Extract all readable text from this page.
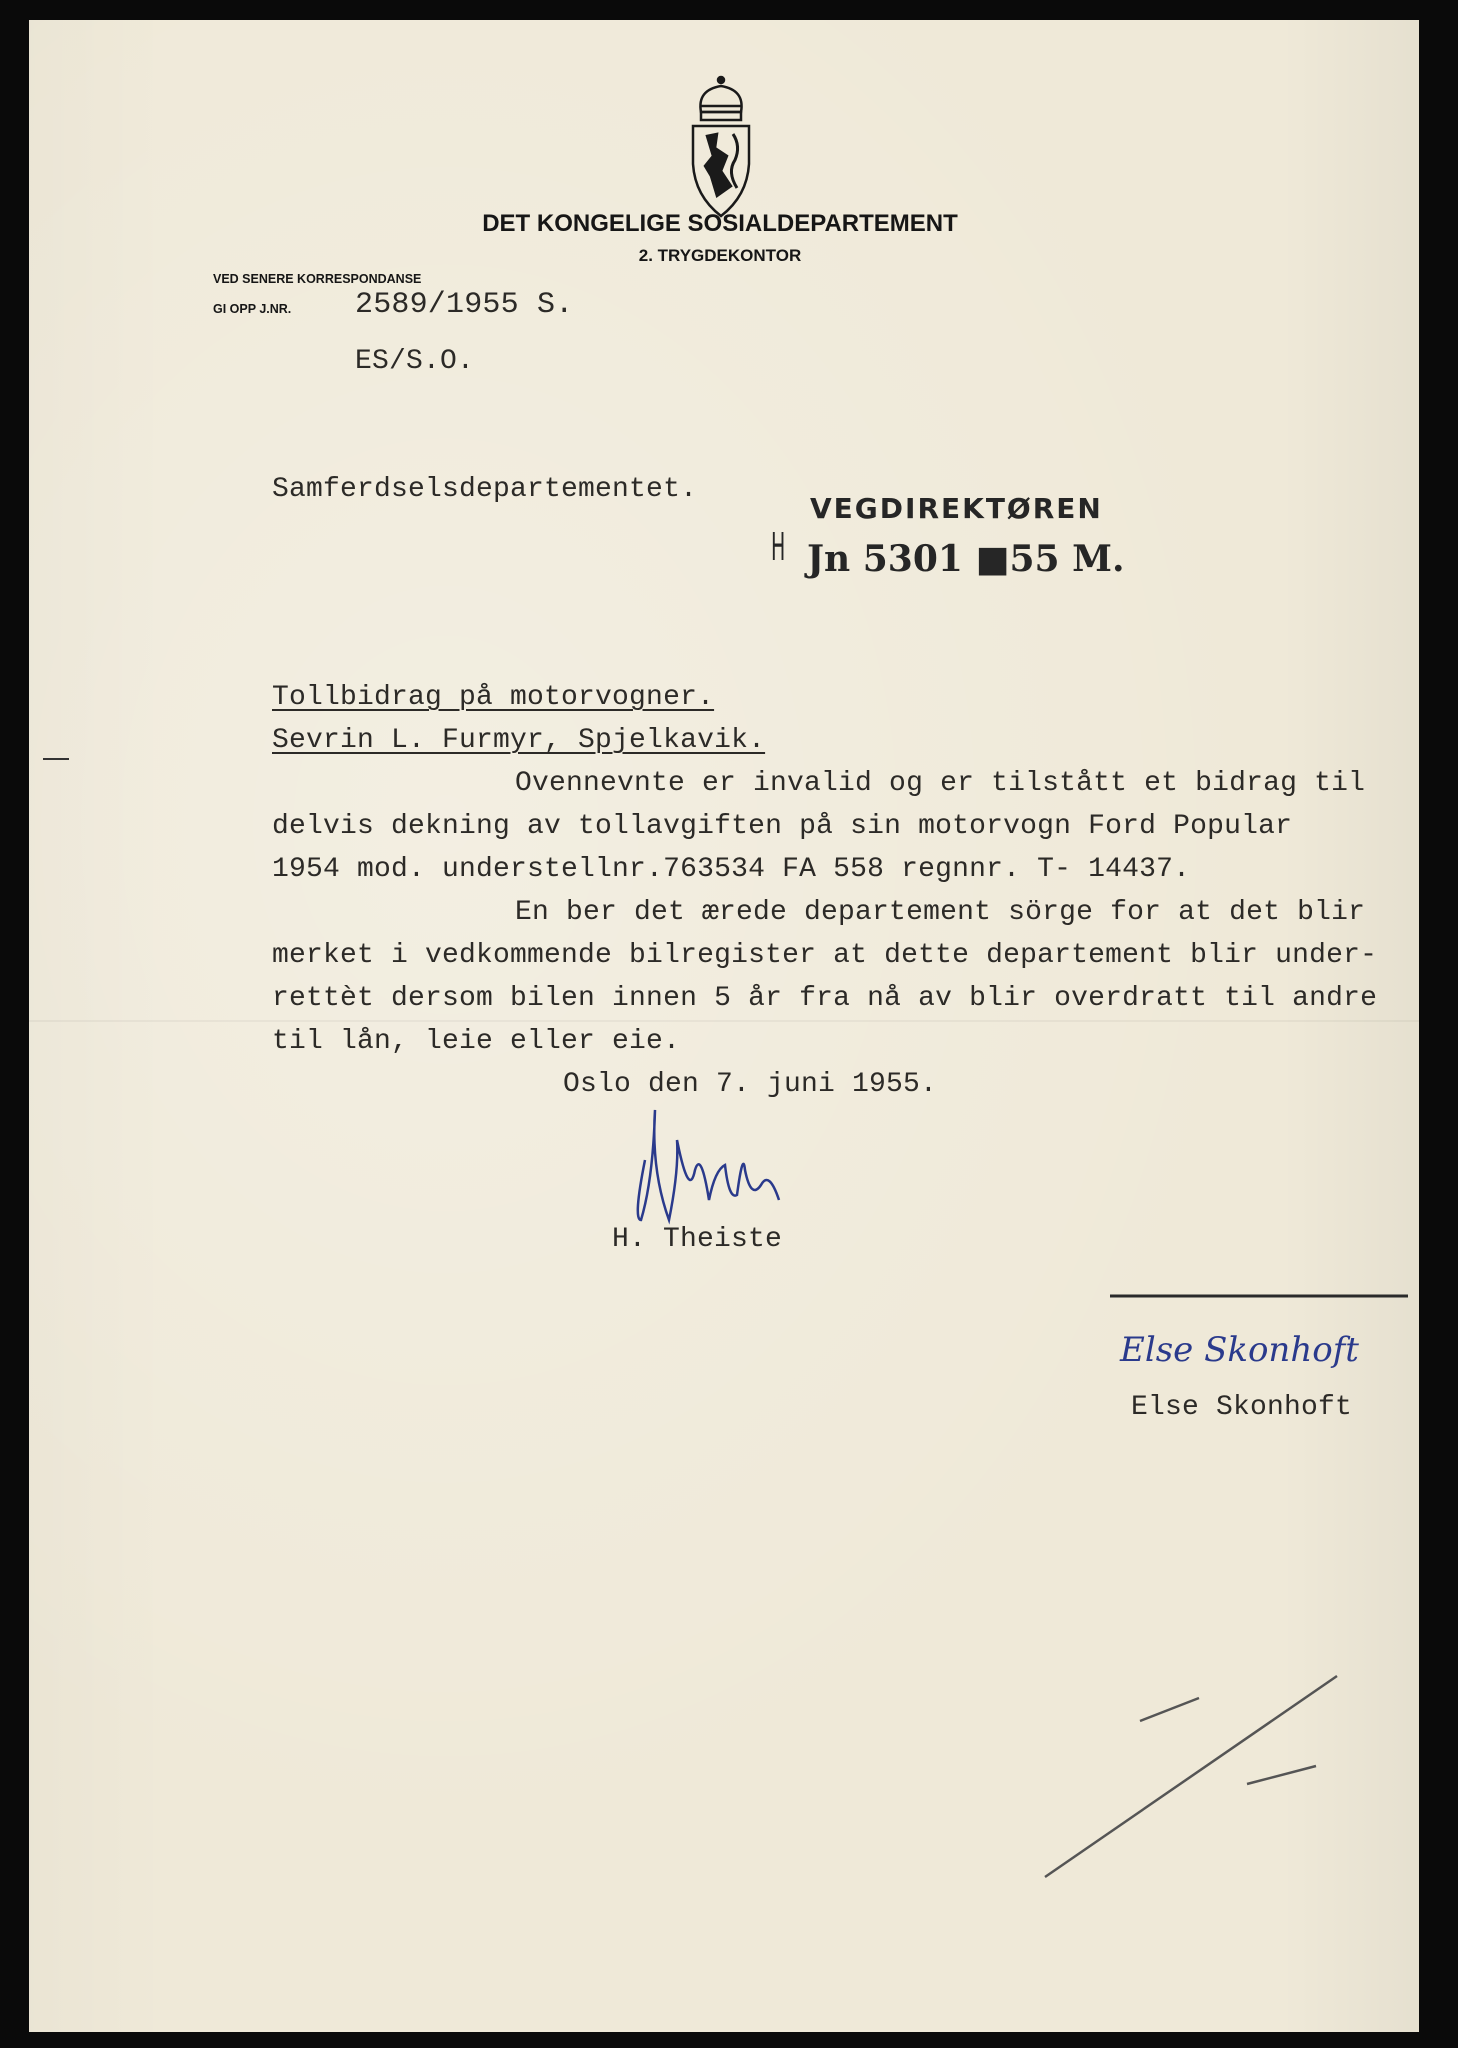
DET KONGELIGE SOSIALDEPARTEMENT
2. TRYGDEKONTOR
VED SENERE KORRESPONDANSE
GI OPP J.NR. 2589/1955 S.
ES/S.O.
Samferdselsdepartementet.
H
VEGDIREKTØREN
Jn 5301 ■55 M.
Tollbidrag på motorvogner.
Sevrin L. Furmyr, Spjelkavik.
Ovennevnte er invalid og er tilstått et bidrag til
delvis dekning av tollavgiften på sin motorvogn Ford Popular
1954 mod. understellnr.763534 FA 558 regnnr. T- 14437.
En ber det ærede departement sörge for at det blir
merket i vedkommende bilregister at dette departement blir under-
rettèt dersom bilen innen 5 år fra nå av blir overdratt til andre
til lån, leie eller eie.
Oslo den 7. juni 1955.
H. Theiste
Else Skonhoft
Else Skonhoft
